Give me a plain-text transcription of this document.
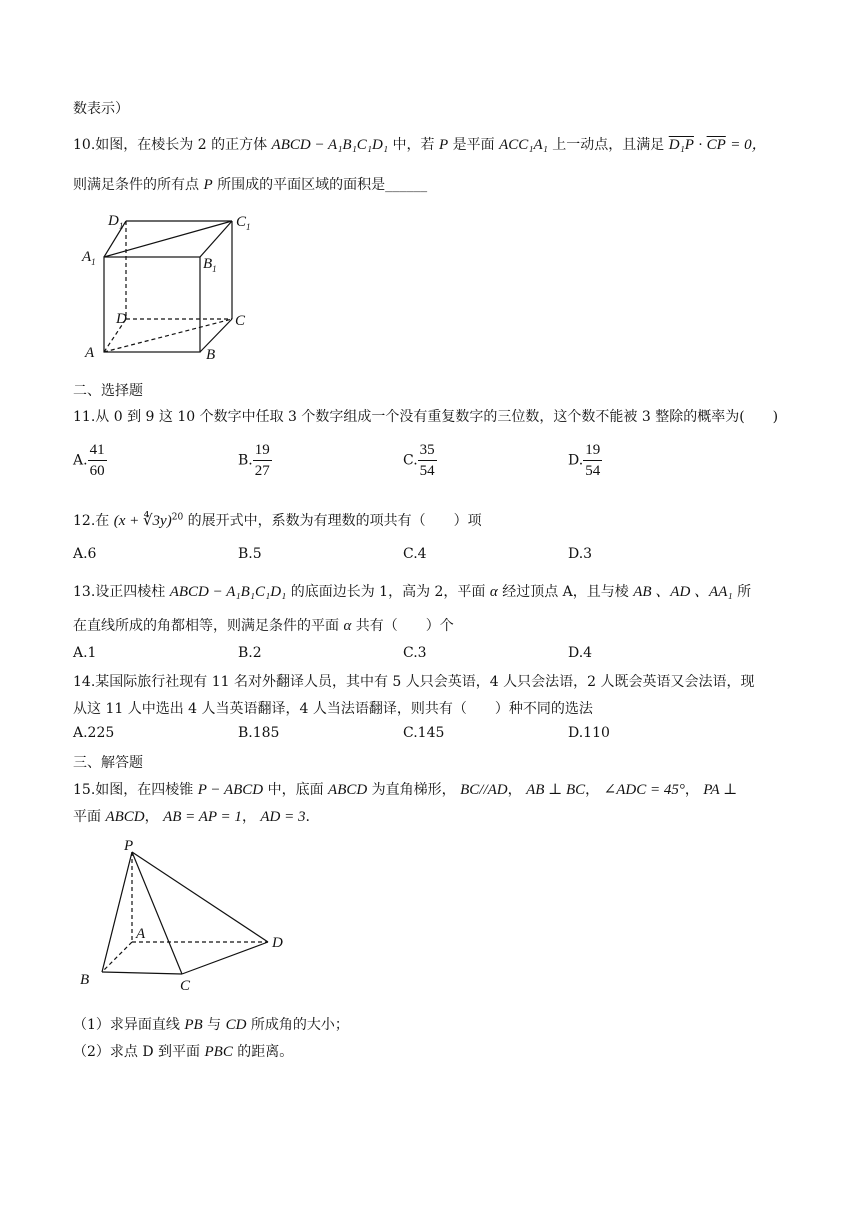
数表示）
10.如图，在棱长为 2 的正方体 ABCD − A₁B₁C₁D₁ 中，若 P 是平面 ACC₁A₁ 上一动点，且满足 $D_1P \cdot \overline{CP} = 0$，
则满足条件的所有点 P 所围成的平面区域的面积是______
$D_1$	$C_1$
$A_1$	$B_1$
D	C
A	B
二、选择题
11.从 0 到 9 这 10 个数字中任取 3 个数字组成一个没有重复数字的三位数，这个数不能被 3 整除的概率为(　　)
A. $\frac{41}{60}$	B. $\frac{19}{27}$	C. $\frac{35}{54}$	D. $\frac{19}{54}$
12.在 (x + ∜3y)$^{20}$ 的展开式中，系数为有理数的项共有（　　）项
A.6	B.5	C.4	D.3
13.设正四棱柱 ABCD − A₁B₁C₁D₁ 的底面边长为 1，高为 2，平面 α 经过顶点 A，且与棱 AB 、AD 、AA₁ 所
在直线所成的角都相等，则满足条件的平面 α 共有（　　）个
A.1	B.2	C.3	D.4
14.某国际旅行社现有 11 名对外翻译人员，其中有 5 人只会英语，4 人只会法语，2 人既会英语又会法语，现
从这 11 人中选出 4 人当英语翻译，4 人当法语翻译，则共有（　　）种不同的选法
A.225	B.185	C.145	D.110
三、解答题
15.如图，在四棱锥 P − ABCD 中，底面 ABCD 为直角梯形， BC//AD， AB ⊥ BC， ∠ADC = 45°， PA ⊥
平面 ABCD， AB = AP = 1， AD = 3.
P
A
D
B	C
（1）求异面直线 PB 与 CD 所成角的大小；
（2）求点 D 到平面 PBC 的距离。
